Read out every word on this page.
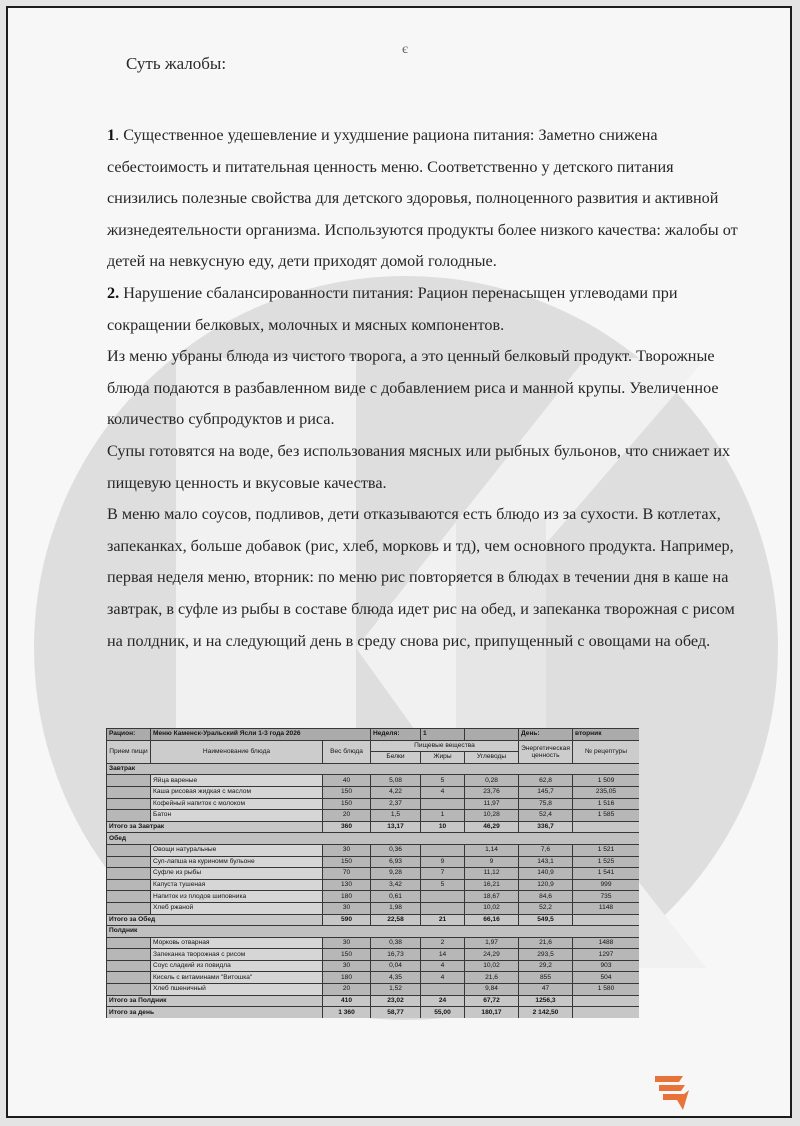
є
Суть жалобы:

1. Существенное удешевление и ухудшение рациона питания: Заметно снижена себестоимость и питательная ценность меню. Соответственно у детского питания снизились полезные свойства для детского здоровья, полноценного развития и активной жизнедеятельности организма. Используются продукты более низкого качества: жалобы от детей на невкусную еду, дети приходят домой голодные.

2. Нарушение сбалансированности питания: Рацион перенасыщен углеводами при сокращении белковых, молочных и мясных компонентов.

Из меню убраны блюда из чистого творога, а это ценный белковый продукт. Творожные блюда подаются в разбавленном виде с добавлением риса и манной крупы. Увеличенное количество субпродуктов и риса.

Супы готовятся на воде, без использования мясных или рыбных бульонов, что снижает их пищевую ценность и вкусовые качества.

В меню мало соусов, подливов, дети отказываются есть блюдо из за сухости. В котлетах, запеканках, больше добавок (рис, хлеб, морковь и тд), чем основного продукта. Например, первая неделя меню, вторник: по меню рис повторяется в блюдах в течении дня в каше на завтрак, в суфле из рыбы в составе блюда идет рис на обед, и запеканка творожная с рисом на полдник, и на следующий день в среду снова рис, припущенный с овощами на обед.

Рацион:	Меню Каменск-Уральский Ясли 1-3 года 2026		Неделя:	1		День:	вторник
Прием пищи	Наименование блюда	Вес блюда	Пищевые вещества			Энергетическая ценность	№ рецептуры
			Белки	Жиры	Углеводы		
Завтрак							
	Яйца вареные	40	5,08	5	0,28	62,8	1 509
	Каша рисовая жидкая с маслом	150	4,22	4	23,76	145,7	235,05
	Кофейный напиток с молоком	150	2,37		11,97	75,8	1 516
	Батон	20	1,5	1	10,28	52,4	1 585
Итого за Завтрак		360	13,17	10	46,29	336,7	
Обед							
	Овощи натуральные	30	0,36		1,14	7,6	1 521
	Суп-лапша на куриномм бульоне	150	6,93	9	9	143,1	1 525
	Суфле из рыбы	70	9,28	7	11,12	140,9	1 541
	Капуста тушеная	130	3,42	5	16,21	120,9	999
	Напиток из плодов шиповника	180	0,61		18,67	84,6	735
	Хлеб ржаной	30	1,98		10,02	52,2	1148
Итого за Обед		590	22,58	21	66,16	549,5	
Полдник							
	Морковь отварная	30	0,38	2	1,97	21,6	1488
	Запеканка творожная с рисом	150	16,73	14	24,29	293,5	1297
	Соус сладкий из повидла	30	0,04	4	10,02	29,2	903
	Кисель с витаминами "Витошка"	180	4,35	4	21,6	855	504
	Хлеб пшеничный	20	1,52		9,84	47	1 580
Итого за Полдник		410	23,02	24	67,72	1256,3	
Итого за день		1 360	58,77	55,00	180,17	2 142,50	
